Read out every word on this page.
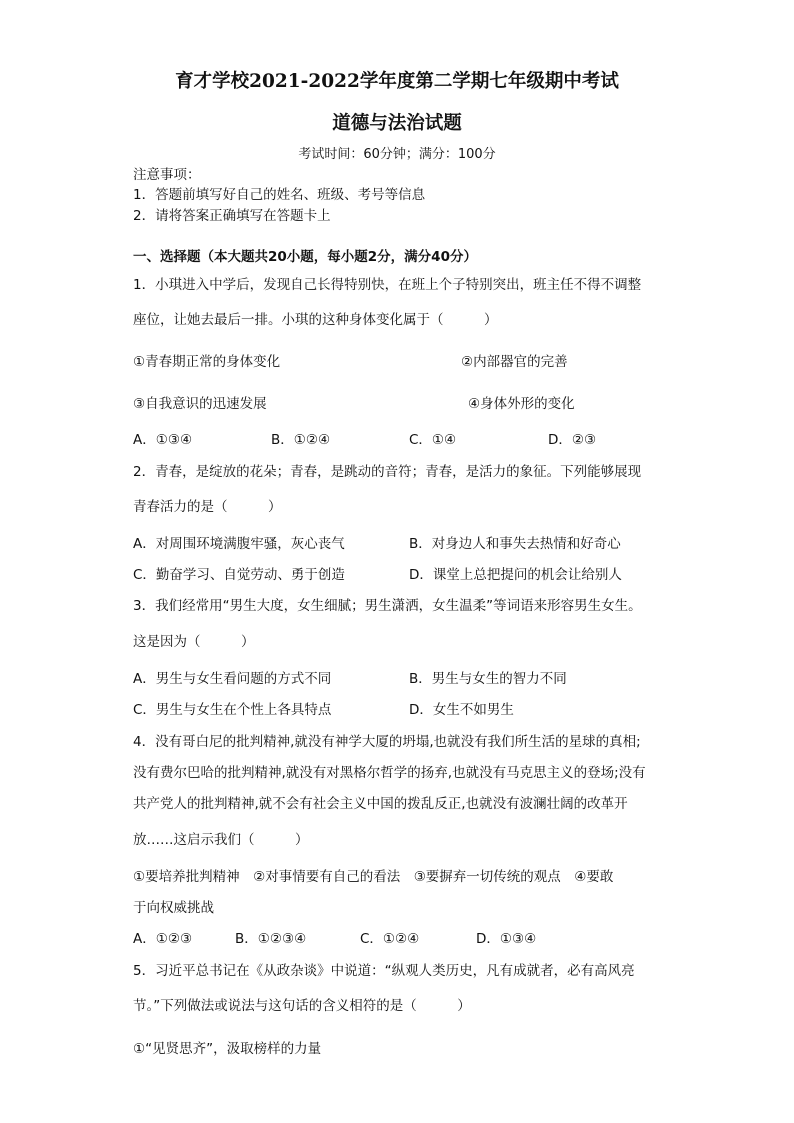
育才学校2021-2022学年度第二学期七年级期中考试
道德与法治试题
考试时间：60分钟；满分：100分
注意事项：
1．答题前填写好自己的姓名、班级、考号等信息
2．请将答案正确填写在答题卡上
一、选择题（本大题共20小题，每小题2分，满分40分）
1．小琪进入中学后，发现自己长得特别快，在班上个子特别突出，班主任不得不调整
座位，让她去最后一排。小琪的这种身体变化属于（　　　）
①青春期正常的身体变化	②内部器官的完善
③自我意识的迅速发展	④身体外形的变化
A．①③④	B．①②④	C．①④	D．②③
2．青春，是绽放的花朵；青春，是跳动的音符；青春，是活力的象征。下列能够展现
青春活力的是（　　　）
A．对周围环境满腹牢骚，灰心丧气	B．对身边人和事失去热情和好奇心
C．勤奋学习、自觉劳动、勇于创造	D．课堂上总把提问的机会让给别人
3．我们经常用“男生大度，女生细腻；男生潇洒，女生温柔”等词语来形容男生女生。
这是因为（　　　）
A．男生与女生看问题的方式不同	B．男生与女生的智力不同
C．男生与女生在个性上各具特点	D．女生不如男生
4．没有哥白尼的批判精神,就没有神学大厦的坍塌,也就没有我们所生活的星球的真相;
没有费尔巴哈的批判精神,就没有对黑格尔哲学的扬弃,也就没有马克思主义的登场;没有
共产党人的批判精神,就不会有社会主义中国的拨乱反正,也就没有波澜壮阔的改革开
放……这启示我们（　　　）
①要培养批判精神　②对事情要有自己的看法　③要摒弃一切传统的观点　④要敢
于向权威挑战
A．①②③	B．①②③④	C．①②④	D．①③④
5．习近平总书记在《从政杂谈》中说道：“纵观人类历史，凡有成就者，必有高风亮
节。”下列做法或说法与这句话的含义相符的是（　　　）
①“见贤思齐”，汲取榜样的力量
